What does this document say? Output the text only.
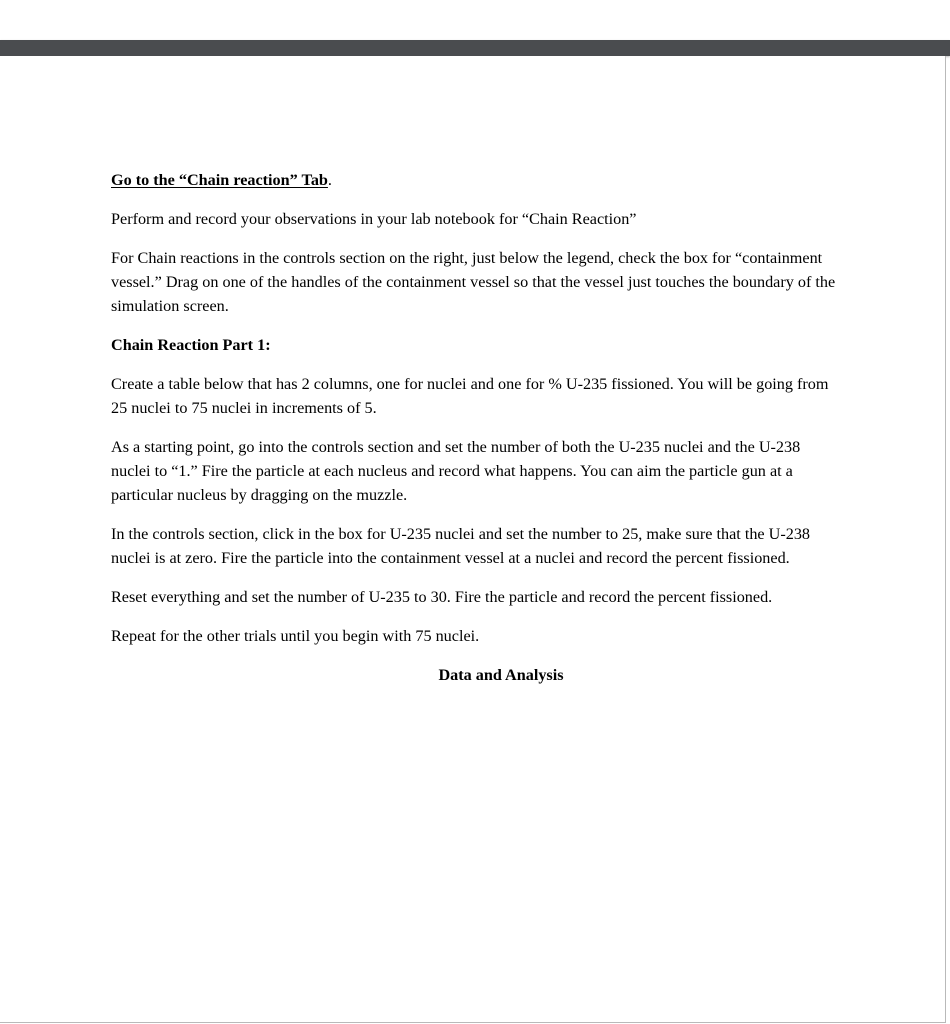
Go to the “Chain reaction” Tab.

Perform and record your observations in your lab notebook for “Chain Reaction”

For Chain reactions in the controls section on the right, just below the legend, check the box for “containment vessel.” Drag on one of the handles of the containment vessel so that the vessel just touches the boundary of the simulation screen.

Chain Reaction Part 1:

Create a table below that has 2 columns, one for nuclei and one for % U-235 fissioned. You will be going from 25 nuclei to 75 nuclei in increments of 5.

As a starting point, go into the controls section and set the number of both the U-235 nuclei and the U-238 nuclei to “1.” Fire the particle at each nucleus and record what happens. You can aim the particle gun at a particular nucleus by dragging on the muzzle.

In the controls section, click in the box for U-235 nuclei and set the number to 25, make sure that the U-238 nuclei is at zero. Fire the particle into the containment vessel at a nuclei and record the percent fissioned.

Reset everything and set the number of U-235 to 30. Fire the particle and record the percent fissioned.

Repeat for the other trials until you begin with 75 nuclei.

Data and Analysis
